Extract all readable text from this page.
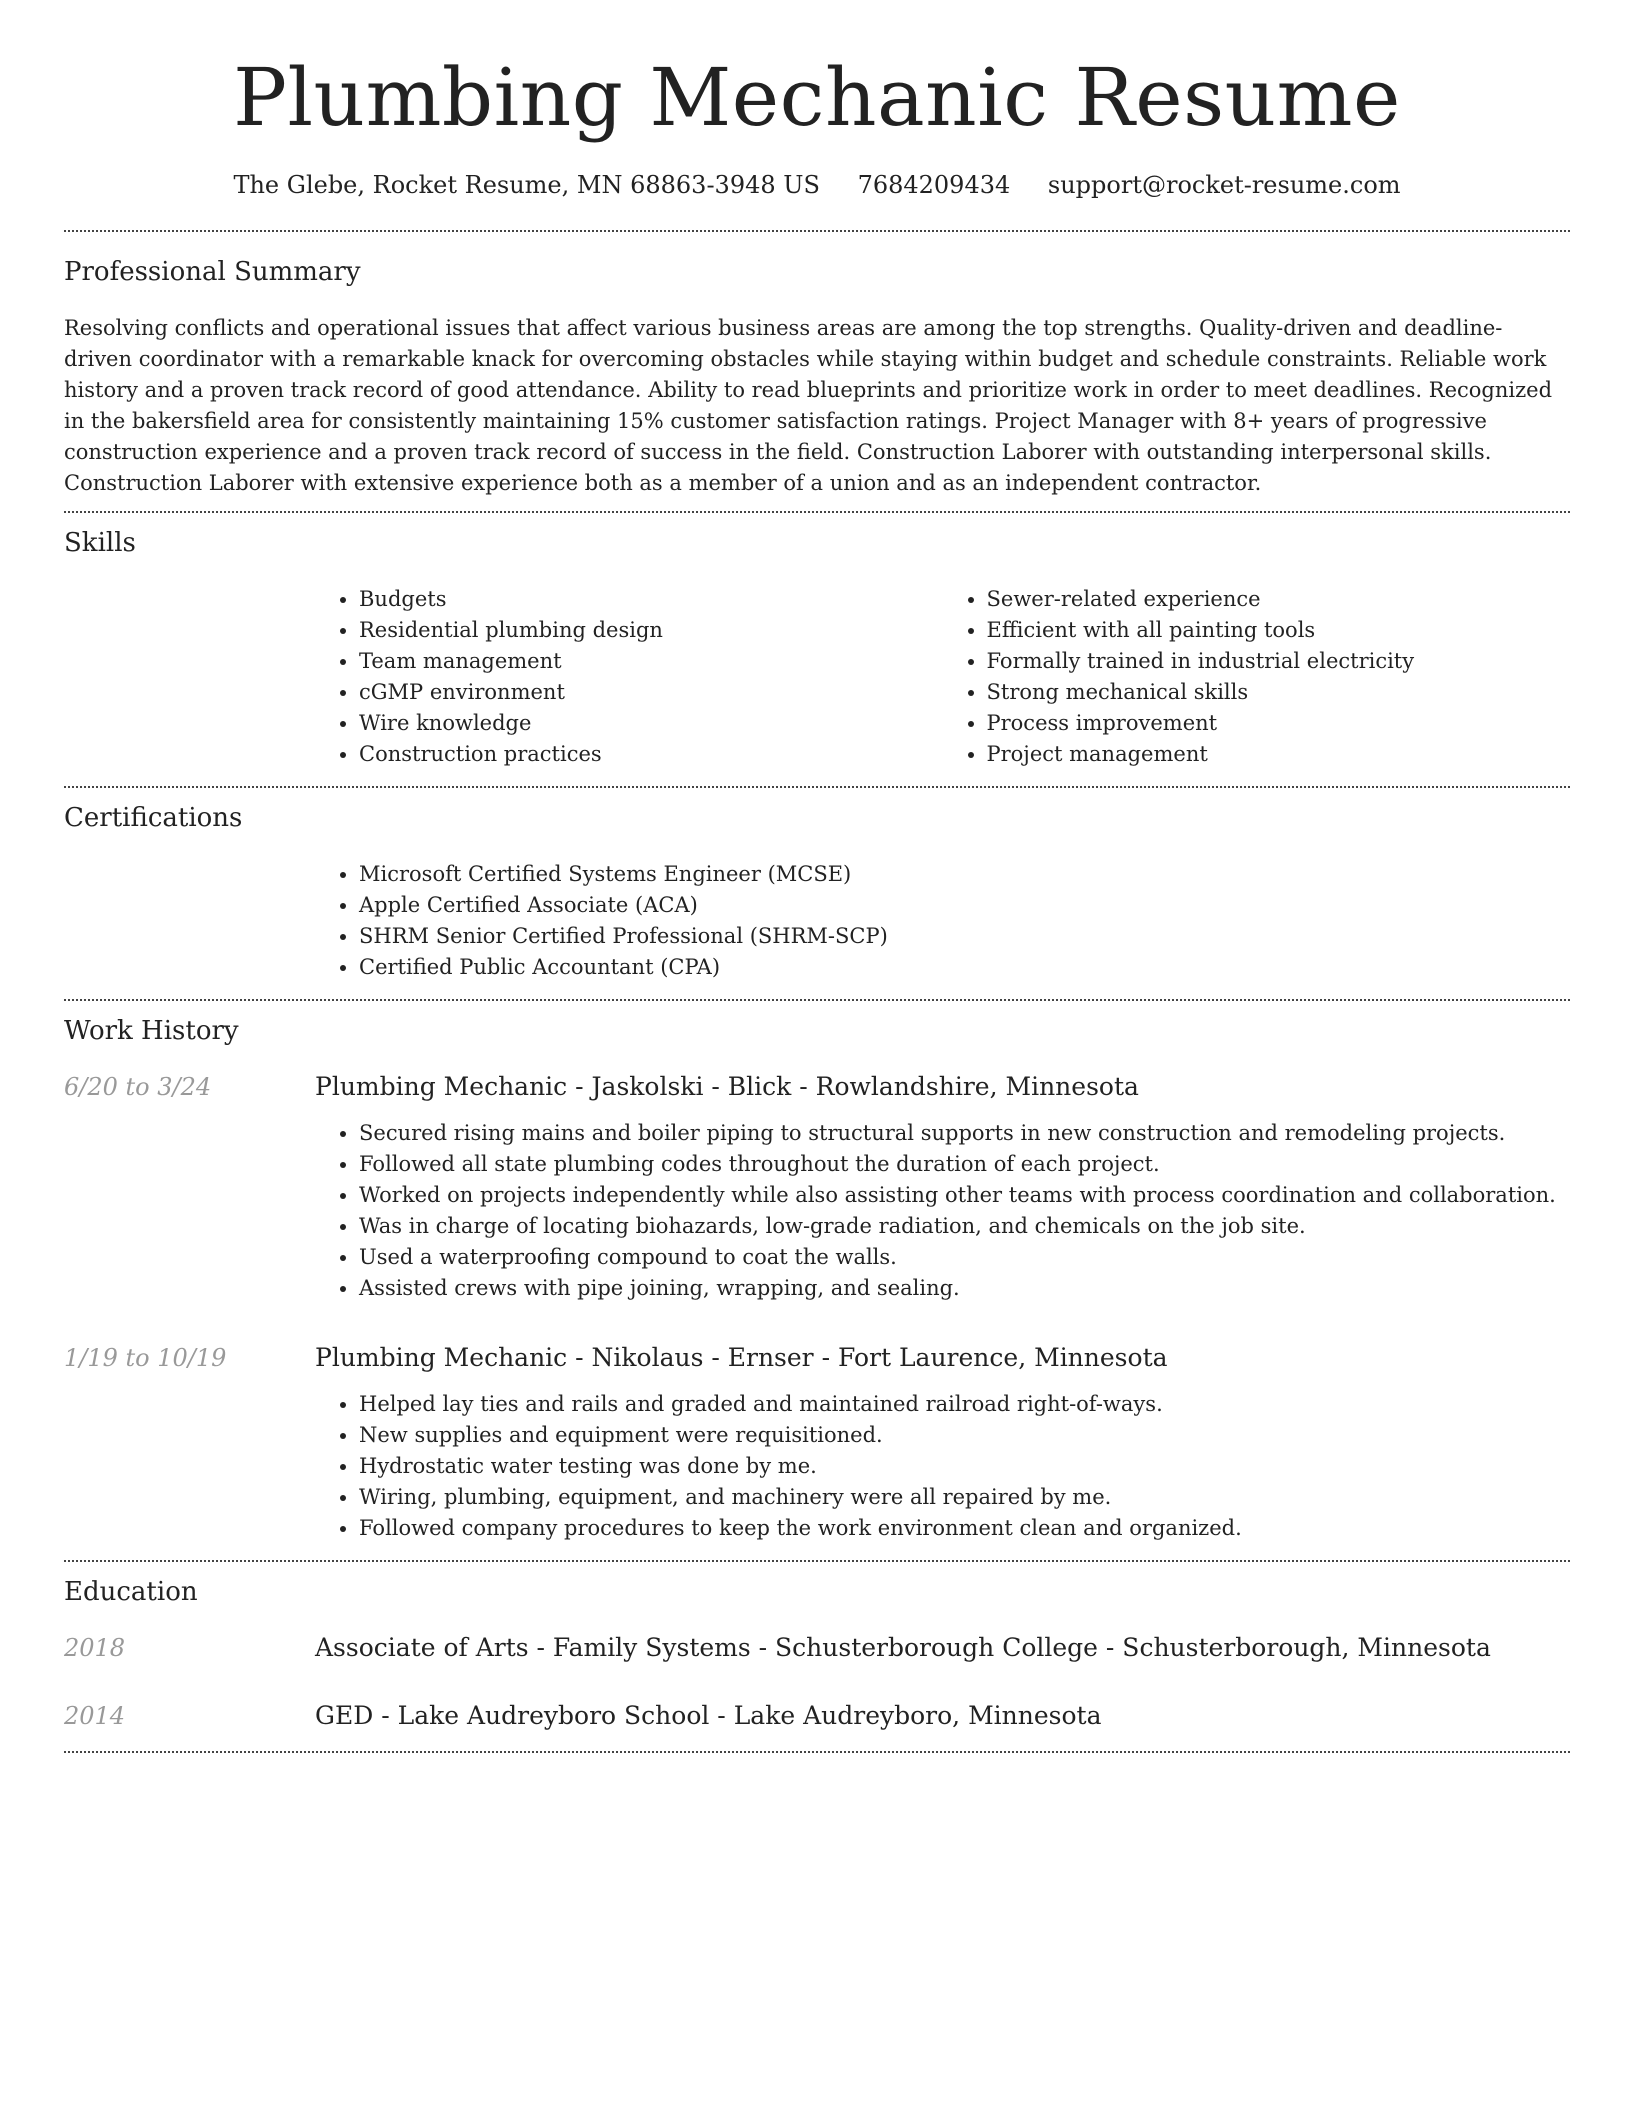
Plumbing Mechanic Resume
The Glebe, Rocket Resume, MN 68863-3948 US 7684209434 support@rocket-resume.com
Professional Summary
Resolving conflicts and operational issues that affect various business areas are among the top strengths. Quality-driven and deadline-driven coordinator with a remarkable knack for overcoming obstacles while staying within budget and schedule constraints. Reliable work history and a proven track record of good attendance. Ability to read blueprints and prioritize work in order to meet deadlines. Recognized in the bakersfield area for consistently maintaining 15% customer satisfaction ratings. Project Manager with 8+ years of progressive construction experience and a proven track record of success in the field. Construction Laborer with outstanding interpersonal skills. Construction Laborer with extensive experience both as a member of a union and as an independent contractor.
Skills
• Budgets
• Residential plumbing design
• Team management
• cGMP environment
• Wire knowledge
• Construction practices
• Sewer-related experience
• Efficient with all painting tools
• Formally trained in industrial electricity
• Strong mechanical skills
• Process improvement
• Project management
Certifications
• Microsoft Certified Systems Engineer (MCSE)
• Apple Certified Associate (ACA)
• SHRM Senior Certified Professional (SHRM-SCP)
• Certified Public Accountant (CPA)
Work History
6/20 to 3/24	Plumbing Mechanic - Jaskolski - Blick - Rowlandshire, Minnesota
• Secured rising mains and boiler piping to structural supports in new construction and remodeling projects.
• Followed all state plumbing codes throughout the duration of each project.
• Worked on projects independently while also assisting other teams with process coordination and collaboration.
• Was in charge of locating biohazards, low-grade radiation, and chemicals on the job site.
• Used a waterproofing compound to coat the walls.
• Assisted crews with pipe joining, wrapping, and sealing.
1/19 to 10/19	Plumbing Mechanic - Nikolaus - Ernser - Fort Laurence, Minnesota
• Helped lay ties and rails and graded and maintained railroad right-of-ways.
• New supplies and equipment were requisitioned.
• Hydrostatic water testing was done by me.
• Wiring, plumbing, equipment, and machinery were all repaired by me.
• Followed company procedures to keep the work environment clean and organized.
Education
2018	Associate of Arts - Family Systems - Schusterborough College - Schusterborough, Minnesota
2014	GED - Lake Audreyboro School - Lake Audreyboro, Minnesota
